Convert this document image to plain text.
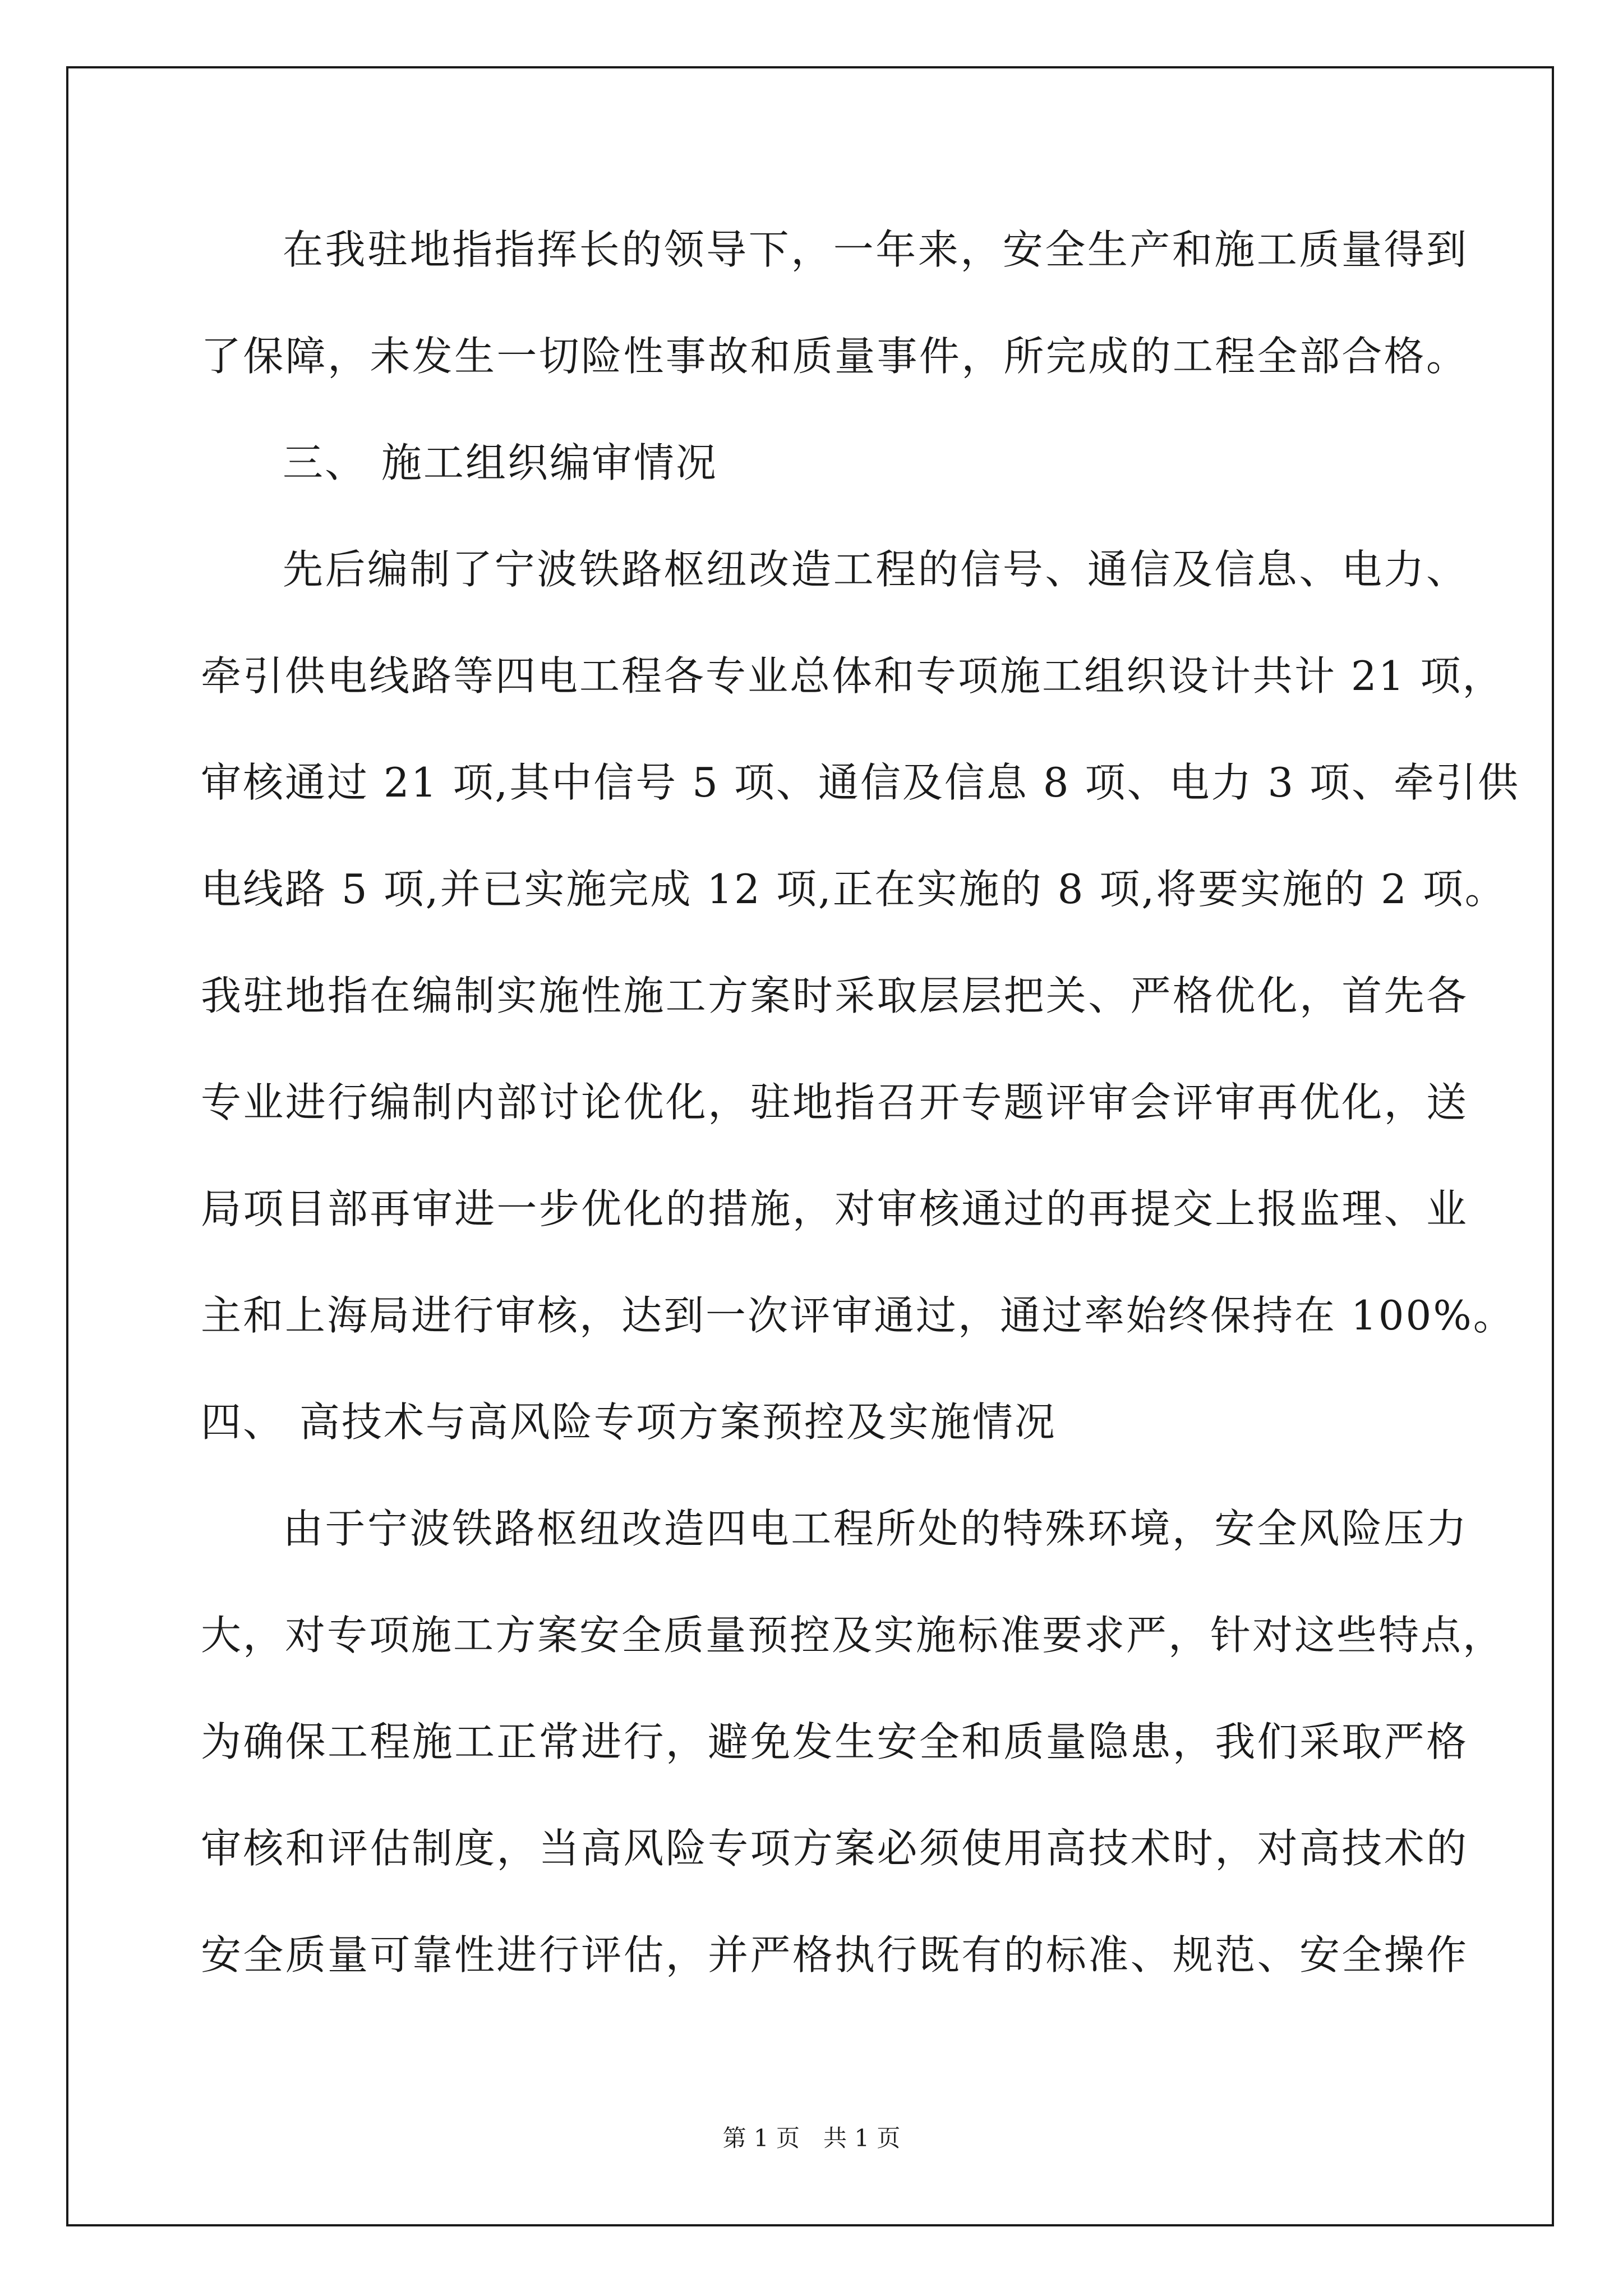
在我驻地指指挥长的领导下，一年来，安全生产和施工质量得到
了保障，未发生一切险性事故和质量事件，所完成的工程全部合格。
三、 施工组织编审情况
先后编制了宁波铁路枢纽改造工程的信号、通信及信息、电力、
牵引供电线路等四电工程各专业总体和专项施工组织设计共计 21 项，
审核通过 21 项,其中信号 5 项、通信及信息 8 项、电力 3 项、牵引供
电线路 5 项,并已实施完成 12 项,正在实施的 8 项,将要实施的 2 项。
我驻地指在编制实施性施工方案时采取层层把关、严格优化，首先各
专业进行编制内部讨论优化，驻地指召开专题评审会评审再优化，送
局项目部再审进一步优化的措施，对审核通过的再提交上报监理、业
主和上海局进行审核，达到一次评审通过，通过率始终保持在 100%。
四、 高技术与高风险专项方案预控及实施情况
由于宁波铁路枢纽改造四电工程所处的特殊环境，安全风险压力
大，对专项施工方案安全质量预控及实施标准要求严，针对这些特点，
为确保工程施工正常进行，避免发生安全和质量隐患，我们采取严格
审核和评估制度，当高风险专项方案必须使用高技术时，对高技术的
安全质量可靠性进行评估，并严格执行既有的标准、规范、安全操作
第 1 页　共 1 页
